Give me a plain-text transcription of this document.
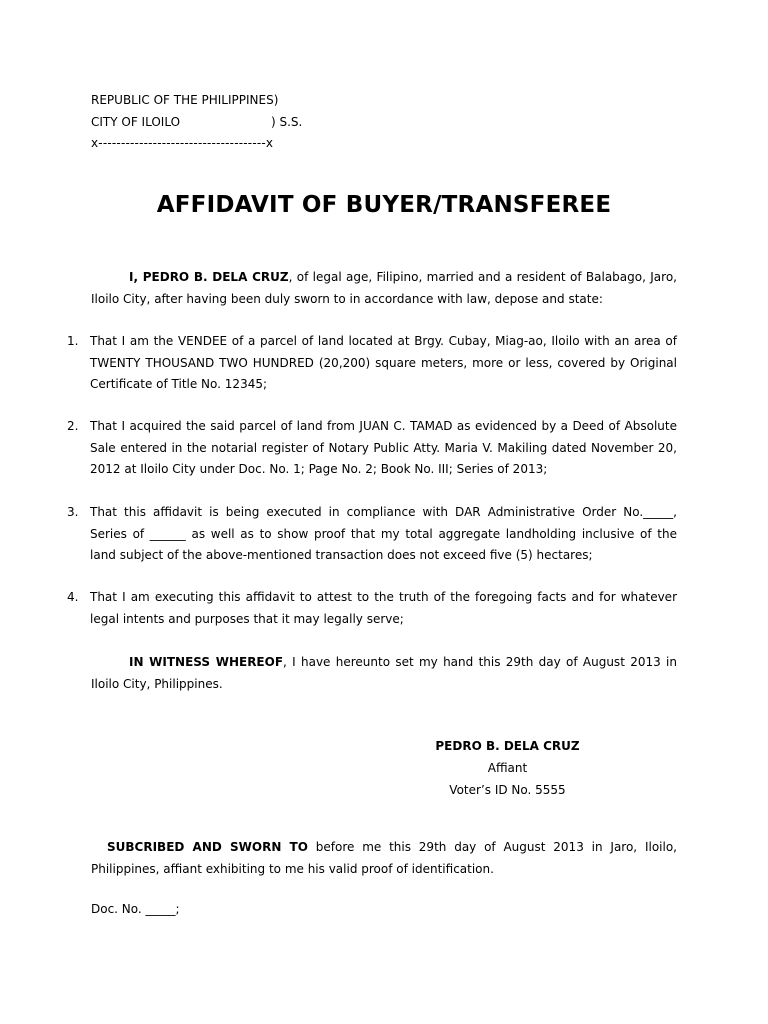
REPUBLIC OF THE PHILIPPINES)
CITY OF ILOILO	) S.S.
x-------------------------------------x
AFFIDAVIT OF BUYER/TRANSFEREE
I, PEDRO B. DELA CRUZ, of legal age, Filipino, married and a resident of Balabago, Jaro, Iloilo City, after having been duly sworn to in accordance with law, depose and state:
1. That I am the VENDEE of a parcel of land located at Brgy. Cubay, Miag-ao, Iloilo with an area of TWENTY THOUSAND TWO HUNDRED (20,200) square meters, more or less, covered by Original Certificate of Title No. 12345;
2. That I acquired the said parcel of land from JUAN C. TAMAD as evidenced by a Deed of Absolute Sale entered in the notarial register of Notary Public Atty. Maria V. Makiling dated November 20, 2012 at Iloilo City under Doc. No. 1; Page No. 2; Book No. III; Series of 2013;
3. That this affidavit is being executed in compliance with DAR Administrative Order No._____, Series of ______ as well as to show proof that my total aggregate landholding inclusive of the land subject of the above-mentioned transaction does not exceed five (5) hectares;
4. That I am executing this affidavit to attest to the truth of the foregoing facts and for whatever legal intents and purposes that it may legally serve;
IN WITNESS WHEREOF, I have hereunto set my hand this 29th day of August 2013 in Iloilo City, Philippines.
PEDRO B. DELA CRUZ
Affiant
Voter’s ID No. 5555
SUBCRIBED AND SWORN TO before me this 29th day of August 2013 in Jaro, Iloilo, Philippines, affiant exhibiting to me his valid proof of identification.
Doc. No. _____;
